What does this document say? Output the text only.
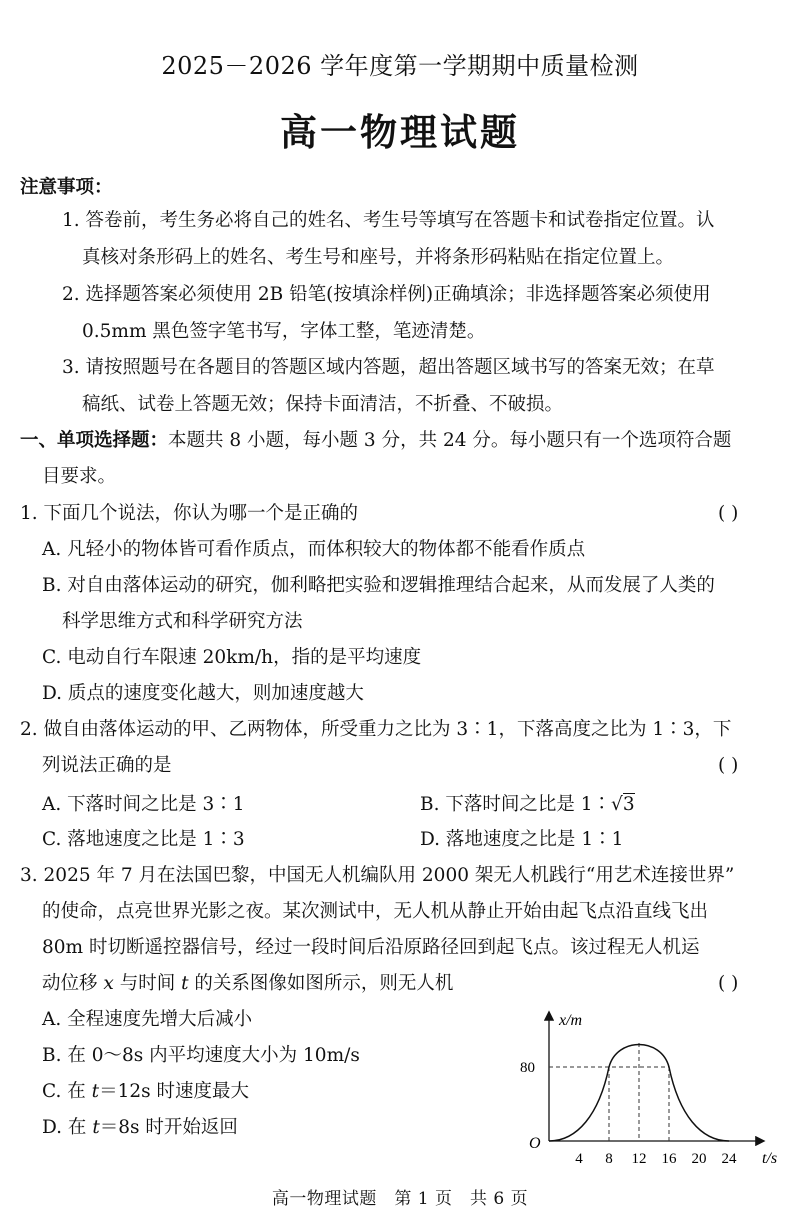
2025－2026 学年度第一学期期中质量检测
高一物理试题
注意事项：
1. 答卷前，考生务必将自己的姓名、考生号等填写在答题卡和试卷指定位置。认
真核对条形码上的姓名、考生号和座号，并将条形码粘贴在指定位置上。
2. 选择题答案必须使用 2B 铅笔(按填涂样例)正确填涂；非选择题答案必须使用
0.5mm 黑色签字笔书写，字体工整，笔迹清楚。
3. 请按照题号在各题目的答题区域内答题，超出答题区域书写的答案无效；在草
稿纸、试卷上答题无效；保持卡面清洁，不折叠、不破损。
一、单项选择题：本题共 8 小题，每小题 3 分，共 24 分。每小题只有一个选项符合题
目要求。
1. 下面几个说法，你认为哪一个是正确的	( )
A. 凡轻小的物体皆可看作质点，而体积较大的物体都不能看作质点
B. 对自由落体运动的研究，伽利略把实验和逻辑推理结合起来，从而发展了人类的
科学思维方式和科学研究方法
C. 电动自行车限速 20km/h，指的是平均速度
D. 质点的速度变化越大，则加速度越大
2. 做自由落体运动的甲、乙两物体，所受重力之比为 3∶1，下落高度之比为 1∶3，下
列说法正确的是	( )
A. 下落时间之比是 3∶1	B. 下落时间之比是 1∶√3
C. 落地速度之比是 1∶3	D. 落地速度之比是 1∶1
3. 2025 年 7 月在法国巴黎，中国无人机编队用 2000 架无人机践行“用艺术连接世界”
的使命，点亮世界光影之夜。某次测试中，无人机从静止开始由起飞点沿直线飞出
80m 时切断遥控器信号，经过一段时间后沿原路径回到起飞点。该过程无人机运
动位移 x 与时间 t 的关系图像如图所示，则无人机	( )
A. 全程速度先增大后减小
B. 在 0～8s 内平均速度大小为 10m/s
C. 在 t＝12s 时速度最大
D. 在 t＝8s 时开始返回
x/m
t/s
O
80
4 8 12 16 20 24
高一物理试题　第 1 页　共 6 页
